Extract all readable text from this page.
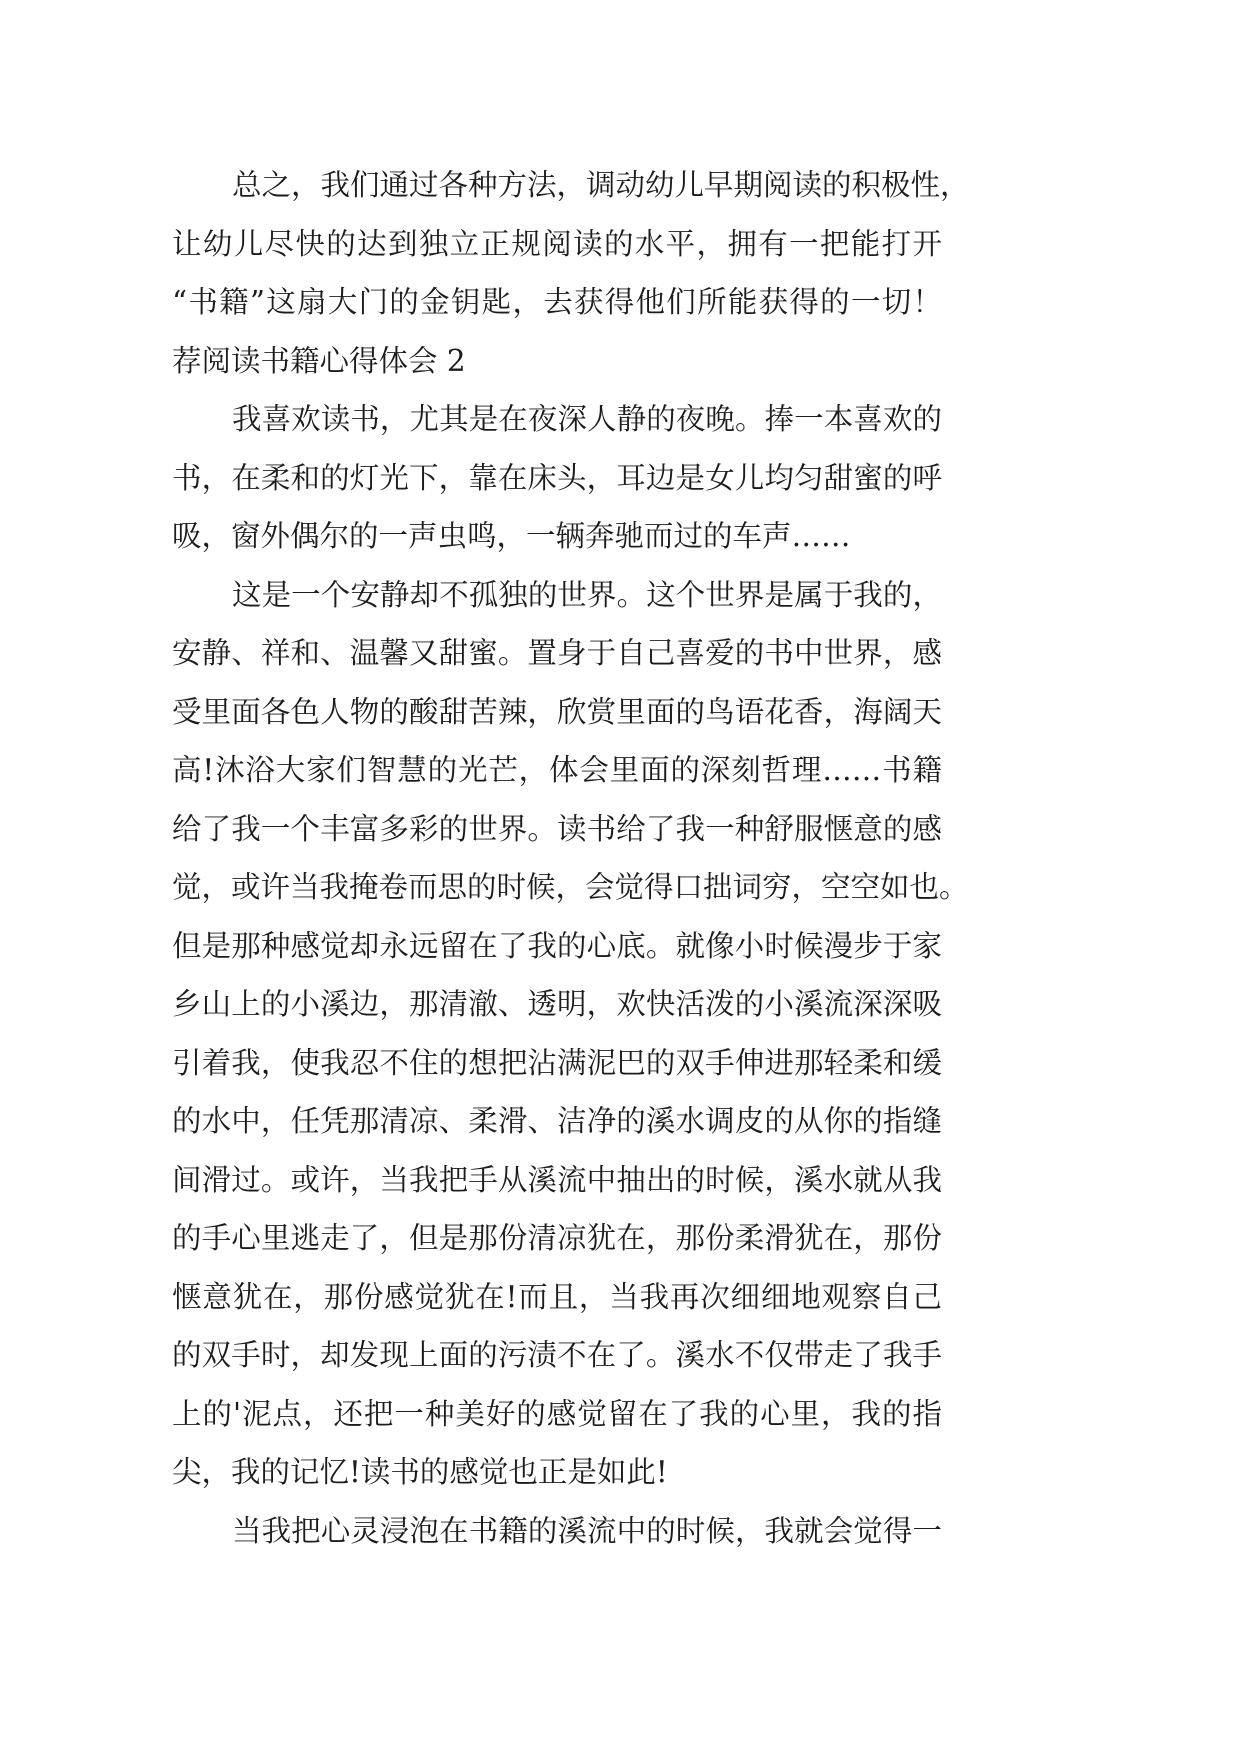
总之，我们通过各种方法，调动幼儿早期阅读的积极性，
让幼儿尽快的达到独立正规阅读的水平，拥有一把能打开
“书籍”这扇大门的金钥匙，去获得他们所能获得的一切！
荐阅读书籍心得体会 2
我喜欢读书，尤其是在夜深人静的夜晚。捧一本喜欢的
书，在柔和的灯光下，靠在床头，耳边是女儿均匀甜蜜的呼
吸，窗外偶尔的一声虫鸣，一辆奔驰而过的车声……
这是一个安静却不孤独的世界。这个世界是属于我的，
安静、祥和、温馨又甜蜜。置身于自己喜爱的书中世界，感
受里面各色人物的酸甜苦辣，欣赏里面的鸟语花香，海阔天
高!沐浴大家们智慧的光芒，体会里面的深刻哲理……书籍
给了我一个丰富多彩的世界。读书给了我一种舒服惬意的感
觉，或许当我掩卷而思的时候，会觉得口拙词穷，空空如也。
但是那种感觉却永远留在了我的心底。就像小时候漫步于家
乡山上的小溪边，那清澈、透明，欢快活泼的小溪流深深吸
引着我，使我忍不住的想把沾满泥巴的双手伸进那轻柔和缓
的水中，任凭那清凉、柔滑、洁净的溪水调皮的从你的指缝
间滑过。或许，当我把手从溪流中抽出的时候，溪水就从我
的手心里逃走了，但是那份清凉犹在，那份柔滑犹在，那份
惬意犹在，那份感觉犹在!而且，当我再次细细地观察自己
的双手时，却发现上面的污渍不在了。溪水不仅带走了我手
上的'泥点，还把一种美好的感觉留在了我的心里，我的指
尖，我的记忆!读书的感觉也正是如此!
当我把心灵浸泡在书籍的溪流中的时候，我就会觉得一
